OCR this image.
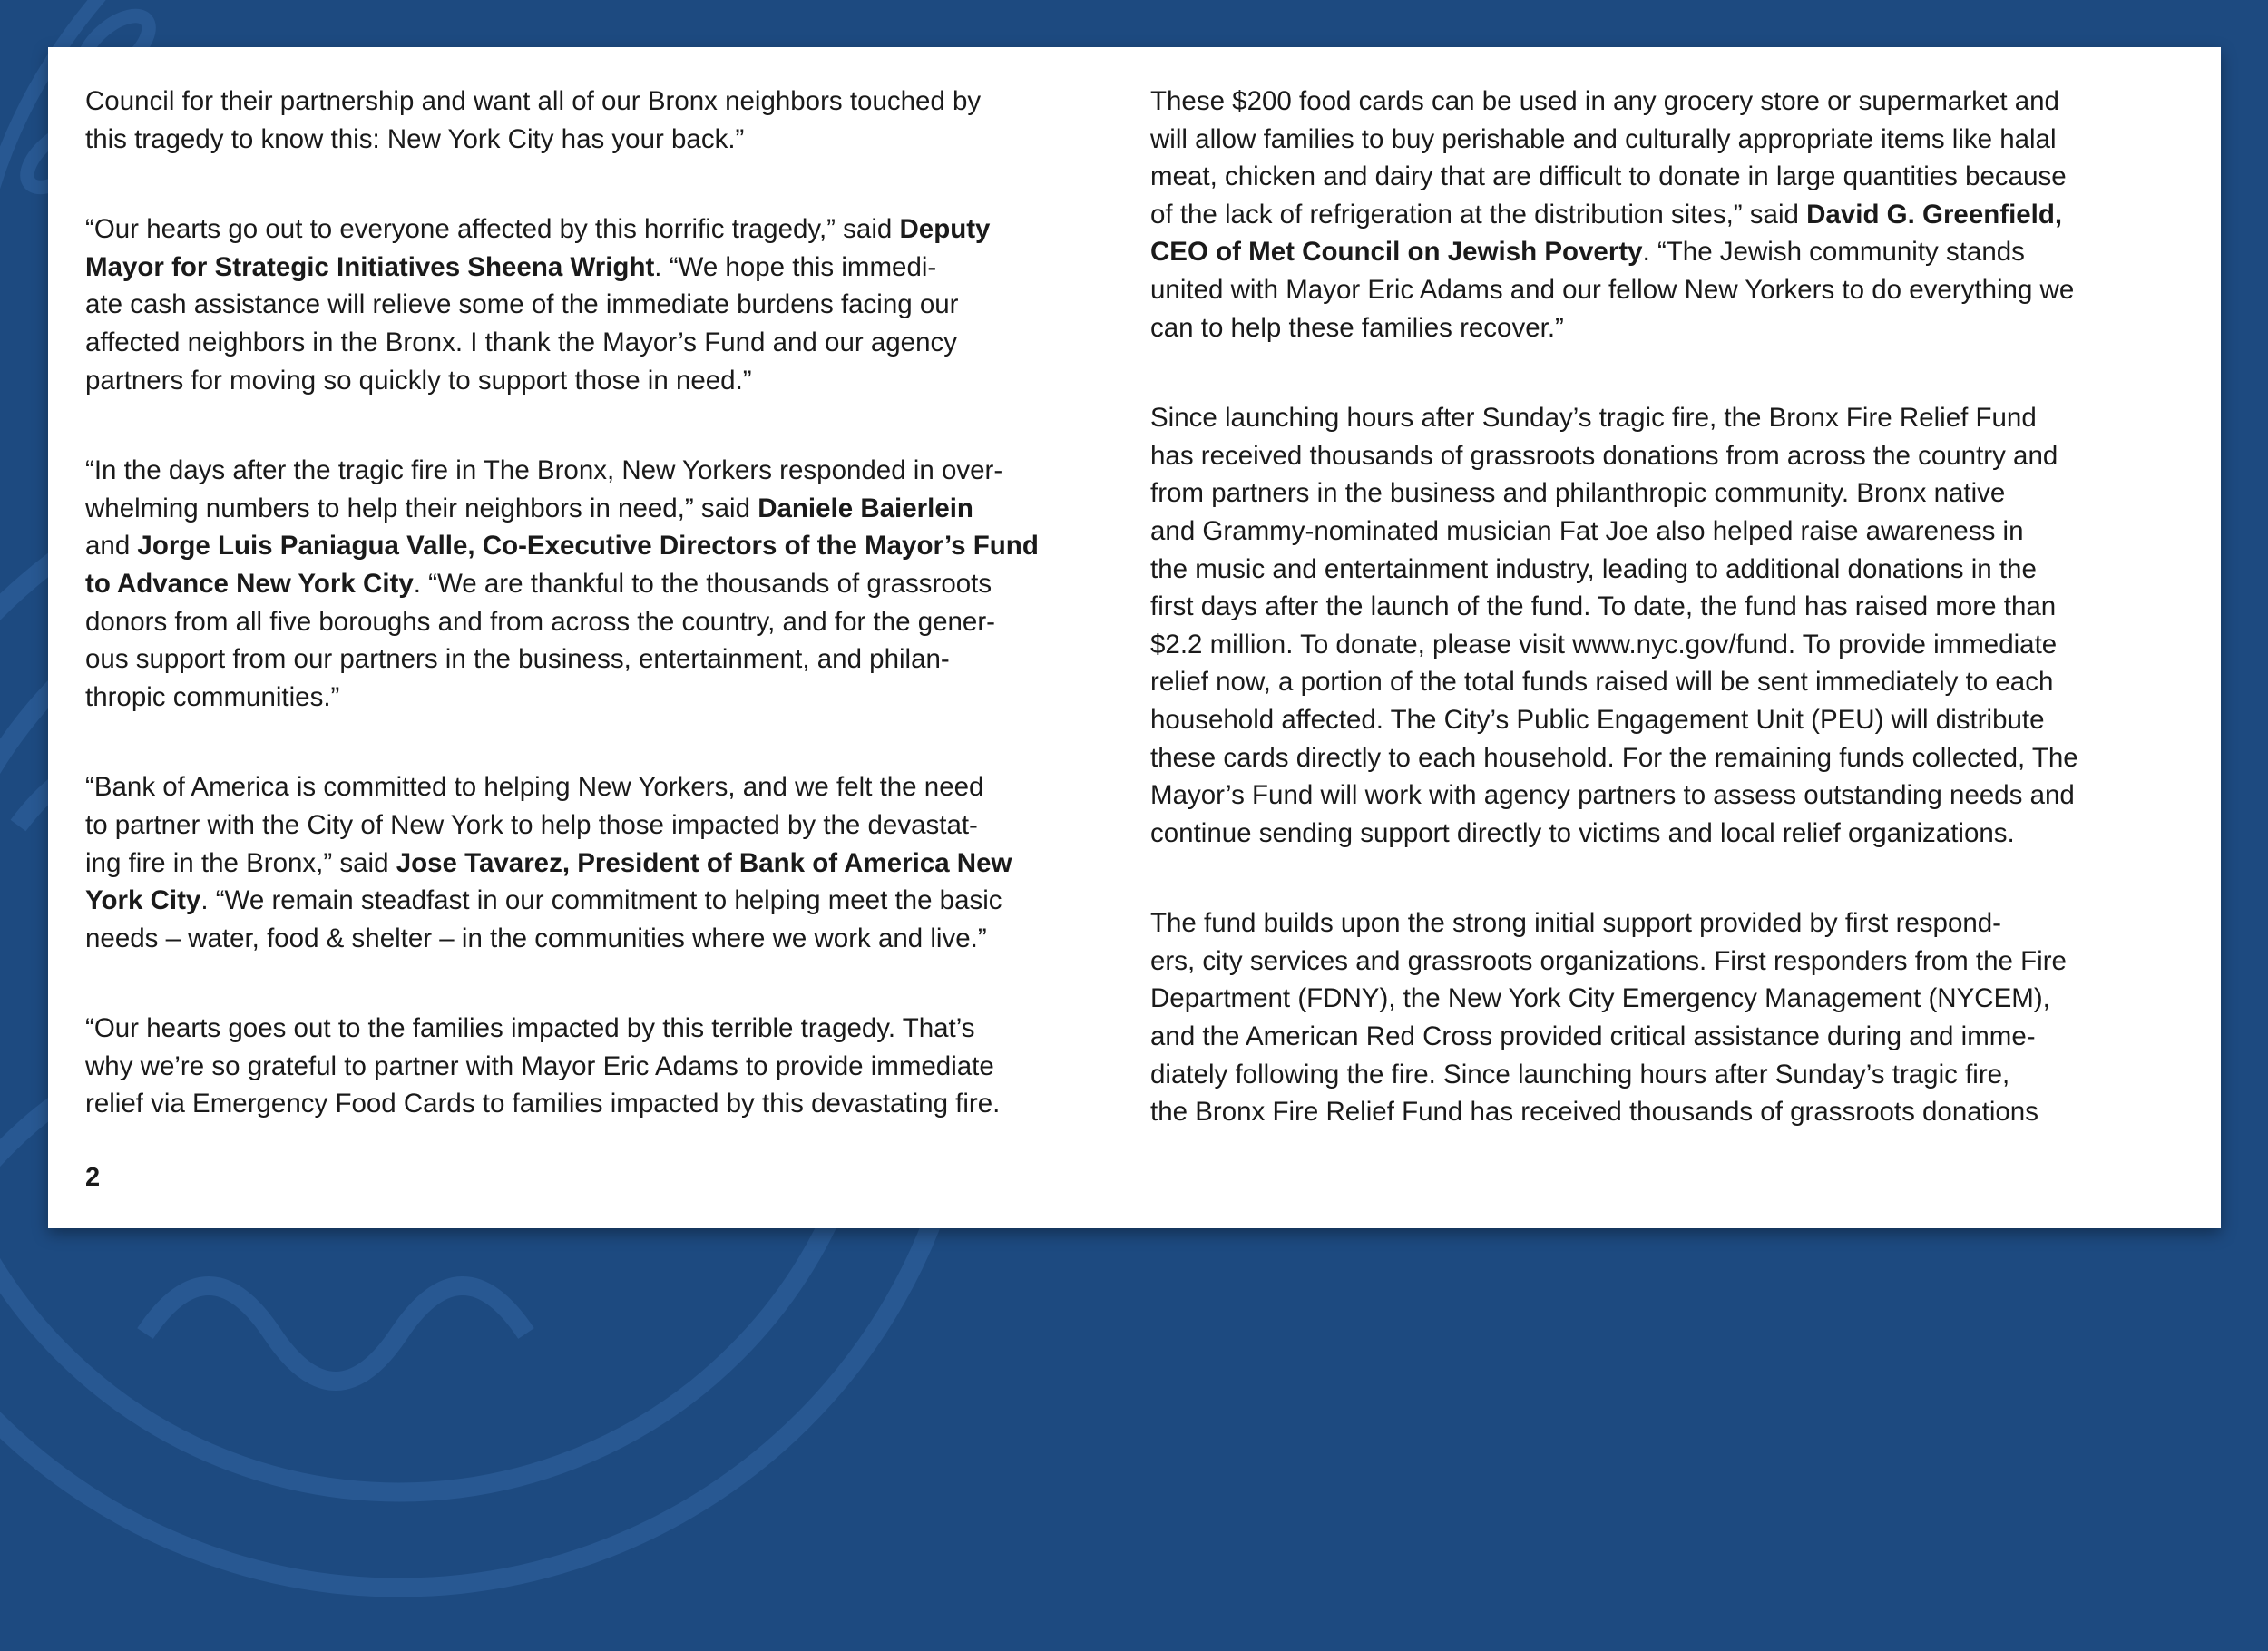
Council for their partnership and want all of our Bronx neighbors touched by
this tragedy to know this: New York City has your back.”

“Our hearts go out to everyone affected by this horrific tragedy,” said Deputy
Mayor for Strategic Initiatives Sheena Wright. “We hope this immedi-
ate cash assistance will relieve some of the immediate burdens facing our
affected neighbors in the Bronx. I thank the Mayor’s Fund and our agency
partners for moving so quickly to support those in need.”

“In the days after the tragic fire in The Bronx, New Yorkers responded in over-
whelming numbers to help their neighbors in need,” said Daniele Baierlein
and Jorge Luis Paniagua Valle, Co-Executive Directors of the Mayor’s Fund
to Advance New York City. “We are thankful to the thousands of grassroots
donors from all five boroughs and from across the country, and for the gener-
ous support from our partners in the business, entertainment, and philan-
thropic communities.”

“Bank of America is committed to helping New Yorkers, and we felt the need
to partner with the City of New York to help those impacted by the devastat-
ing fire in the Bronx,” said Jose Tavarez, President of Bank of America New
York City. “We remain steadfast in our commitment to helping meet the basic
needs – water, food & shelter – in the communities where we work and live.”

“Our hearts goes out to the families impacted by this terrible tragedy. That’s
why we’re so grateful to partner with Mayor Eric Adams to provide immediate
relief via Emergency Food Cards to families impacted by this devastating fire.

These $200 food cards can be used in any grocery store or supermarket and
will allow families to buy perishable and culturally appropriate items like halal
meat, chicken and dairy that are difficult to donate in large quantities because
of the lack of refrigeration at the distribution sites,” said David G. Greenfield,
CEO of Met Council on Jewish Poverty. “The Jewish community stands
united with Mayor Eric Adams and our fellow New Yorkers to do everything we
can to help these families recover.”

Since launching hours after Sunday’s tragic fire, the Bronx Fire Relief Fund
has received thousands of grassroots donations from across the country and
from partners in the business and philanthropic community. Bronx native
and Grammy-nominated musician Fat Joe also helped raise awareness in
the music and entertainment industry, leading to additional donations in the
first days after the launch of the fund. To date, the fund has raised more than
$2.2 million. To donate, please visit www.nyc.gov/fund. To provide immediate
relief now, a portion of the total funds raised will be sent immediately to each
household affected. The City’s Public Engagement Unit (PEU) will distribute
these cards directly to each household. For the remaining funds collected, The
Mayor’s Fund will work with agency partners to assess outstanding needs and
continue sending support directly to victims and local relief organizations.

The fund builds upon the strong initial support provided by first respond-
ers, city services and grassroots organizations. First responders from the Fire
Department (FDNY), the New York City Emergency Management (NYCEM),
and the American Red Cross provided critical assistance during and imme-
diately following the fire. Since launching hours after Sunday’s tragic fire,
the Bronx Fire Relief Fund has received thousands of grassroots donations

2
